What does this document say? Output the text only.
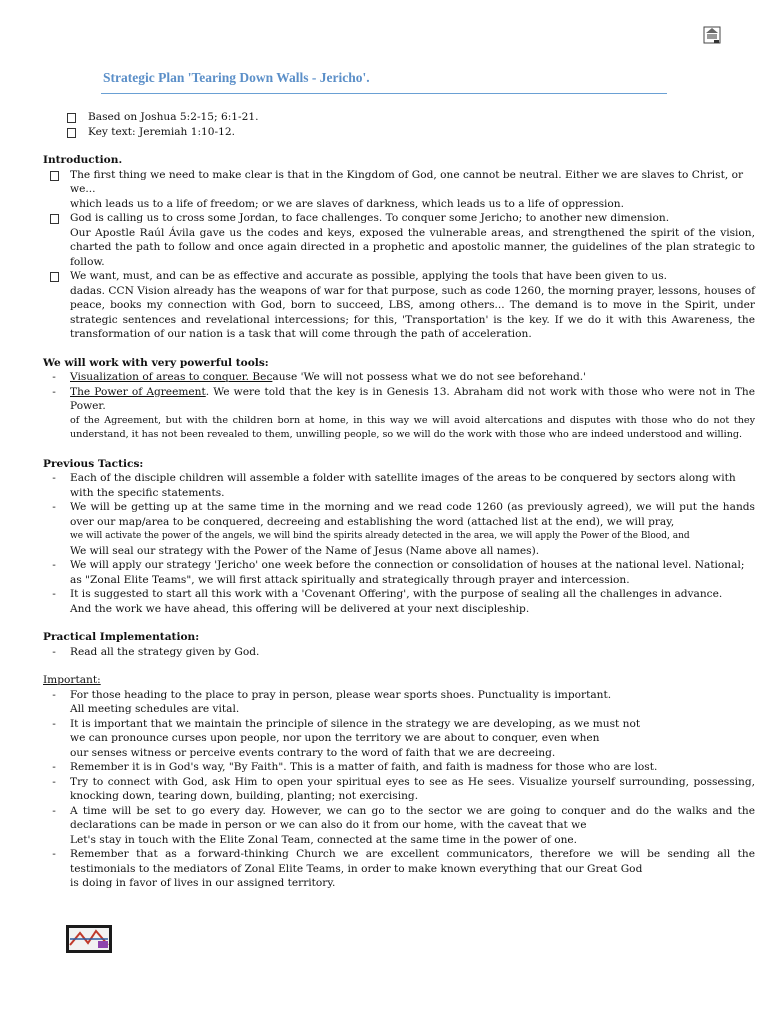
Strategic Plan 'Tearing Down Walls - Jericho'.
Based on Joshua 5:2-15; 6:1-21.
Key text: Jeremiah 1:10-12.
Introduction.
The first thing we need to make clear is that in the Kingdom of God, one cannot be neutral. Either we are slaves to Christ, or we...
which leads us to a life of freedom; or we are slaves of darkness, which leads us to a life of oppression.
God is calling us to cross some Jordan, to face challenges. To conquer some Jericho; to another new dimension.
Our Apostle Raúl Ávila gave us the codes and keys, exposed the vulnerable areas, and strengthened the spirit of the vision, charted the path to follow and once again directed in a prophetic and apostolic manner, the guidelines of the plan strategic to follow.
We want, must, and can be as effective and accurate as possible, applying the tools that have been given to us.
dadas. CCN Vision already has the weapons of war for that purpose, such as code 1260, the morning prayer, lessons, houses of peace, books my connection with God, born to succeed, LBS, among others... The demand is to move in the Spirit, under strategic sentences and revelational intercessions; for this, 'Transportation' is the key. If we do it with this Awareness, the transformation of our nation is a task that will come through the path of acceleration.
We will work with very powerful tools:
-	Visualization of areas to conquer. Because 'We will not possess what we do not see beforehand.'
-	The Power of Agreement. We were told that the key is in Genesis 13. Abraham did not work with those who were not in The Power.
of the Agreement, but with the children born at home, in this way we will avoid altercations and disputes with those who do not they understand, it has not been revealed to them, unwilling people, so we will do the work with those who are indeed understood and willing.
Previous Tactics:
-	Each of the disciple children will assemble a folder with satellite images of the areas to be conquered by sectors along with with the specific statements.
-	We will be getting up at the same time in the morning and we read code 1260 (as previously agreed), we will put the hands over our map/area to be conquered, decreeing and establishing the word (attached list at the end), we will pray,
we will activate the power of the angels, we will bind the spirits already detected in the area, we will apply the Power of the Blood, and
We will seal our strategy with the Power of the Name of Jesus (Name above all names).
-	We will apply our strategy 'Jericho' one week before the connection or consolidation of houses at the national level. National; as "Zonal Elite Teams", we will first attack spiritually and strategically through prayer and intercession.
-	It is suggested to start all this work with a 'Covenant Offering', with the purpose of sealing all the challenges in advance.
And the work we have ahead, this offering will be delivered at your next discipleship.
Practical Implementation:
-	Read all the strategy given by God.
Important:
-	For those heading to the place to pray in person, please wear sports shoes. Punctuality is important.
All meeting schedules are vital.
-	It is important that we maintain the principle of silence in the strategy we are developing, as we must not
we can pronounce curses upon people, nor upon the territory we are about to conquer, even when
our senses witness or perceive events contrary to the word of faith that we are decreeing.
-	Remember it is in God's way, "By Faith". This is a matter of faith, and faith is madness for those who are lost.
-	Try to connect with God, ask Him to open your spiritual eyes to see as He sees. Visualize yourself surrounding, possessing, knocking down, tearing down, building, planting; not exercising.
-	A time will be set to go every day. However, we can go to the sector we are going to conquer and do the walks and the declarations can be made in person or we can also do it from our home, with the caveat that we
Let's stay in touch with the Elite Zonal Team, connected at the same time in the power of one.
-	Remember that as a forward-thinking Church we are excellent communicators, therefore we will be sending all the testimonials to the mediators of Zonal Elite Teams, in order to make known everything that our Great God
is doing in favor of lives in our assigned territory.
